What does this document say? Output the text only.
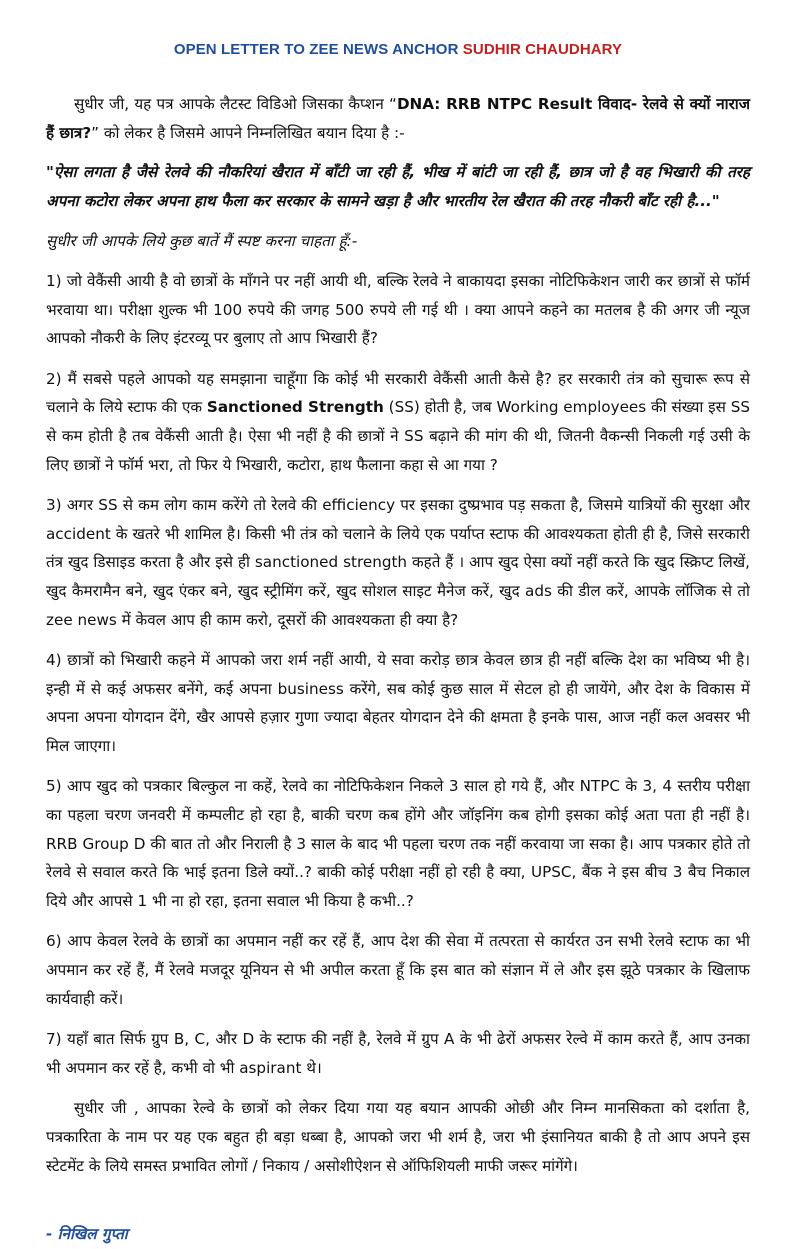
OPEN LETTER TO ZEE NEWS ANCHOR SUDHIR CHAUDHARY

सुधीर जी, यह पत्र आपके लैटस्ट विडिओ जिसका कैप्शन “DNA: RRB NTPC Result विवाद- रेलवे से क्यों नाराज हैं छात्र?” को लेकर है जिसमे आपने निम्नलिखित बयान दिया है :-

"ऐसा लगता है जैसे रेलवे की नौकरियां खैरात में बाँटी जा रही हैं, भीख में बांटी जा रही हैं, छात्र जो है वह भिखारी की तरह अपना कटोरा लेकर अपना हाथ फैला कर सरकार के सामने खड़ा है और भारतीय रेल खैरात की तरह नौकरी बाँट रही है..."

सुधीर जी आपके लिये कुछ बातें मैं स्पष्ट करना चाहता हूँ:-

1) जो वेकैंसी आयी है वो छात्रों के माँगने पर नहीं आयी थी, बल्कि रेलवे ने बाकायदा इसका नोटिफिकेशन जारी कर छात्रों से फॉर्म भरवाया था। परीक्षा शुल्क भी 100 रुपये की जगह 500 रुपये ली गई थी । क्या आपने कहने का मतलब है की अगर जी न्यूज आपको नौकरी के लिए इंटरव्यू पर बुलाए तो आप भिखारी हैं?

2) मैं सबसे पहले आपको यह समझाना चाहूँगा कि कोई भी सरकारी वेकैंसी आती कैसे है? हर सरकारी तंत्र को सुचारू रूप से चलाने के लिये स्टाफ की एक Sanctioned Strength (SS) होती है, जब Working employees की संख्या इस SS से कम होती है तब वेकैंसी आती है। ऐसा भी नहीं है की छात्रों ने SS बढ़ाने की मांग की थी, जितनी वैकन्सी निकली गई उसी के लिए छात्रों ने फॉर्म भरा, तो फिर ये भिखारी, कटोरा, हाथ फैलाना कहा से आ गया ?

3) अगर SS से कम लोग काम करेंगे तो रेलवे की efficiency पर इसका दुष्प्रभाव पड़ सकता है, जिसमे यात्रियों की सुरक्षा और accident के खतरे भी शामिल है। किसी भी तंत्र को चलाने के लिये एक पर्याप्त स्टाफ की आवश्यकता होती ही है, जिसे सरकारी तंत्र खुद डिसाइड करता है और इसे ही sanctioned strength कहते हैं । आप खुद ऐसा क्यों नहीं करते कि खुद स्क्रिप्ट लिखें, खुद कैमरामैन बने, खुद एंकर बने, खुद स्ट्रीमिंग करें, खुद सोशल साइट मैनेज करें, खुद ads की डील करें, आपके लॉजिक से तो zee news में केवल आप ही काम करो, दूसरों की आवश्यकता ही क्या है?

4) छात्रों को भिखारी कहने में आपको जरा शर्म नहीं आयी, ये सवा करोड़ छात्र केवल छात्र ही नहीं बल्कि देश का भविष्य भी है। इन्ही में से कई अफसर बनेंगे, कई अपना business करेंगे, सब कोई कुछ साल में सेटल हो ही जायेंगे, और देश के विकास में अपना अपना योगदान देंगे, खैर आपसे हज़ार गुणा ज्यादा बेहतर योगदान देने की क्षमता है इनके पास, आज नहीं कल अवसर भी मिल जाएगा।

5) आप खुद को पत्रकार बिल्कुल ना कहें, रेलवे का नोटिफिकेशन निकले 3 साल हो गये हैं, और NTPC के 3, 4 स्तरीय परीक्षा का पहला चरण जनवरी में कम्पलीट हो रहा है, बाकी चरण कब होंगे और जॉइनिंग कब होगी इसका कोई अता पता ही नहीं है। RRB Group D की बात तो और निराली है 3 साल के बाद भी पहला चरण तक नहीं करवाया जा सका है। आप पत्रकार होते तो रेलवे से सवाल करते कि भाई इतना डिले क्यों..? बाकी कोई परीक्षा नहीं हो रही है क्या, UPSC, बैंक ने इस बीच 3 बैच निकाल दिये और आपसे 1 भी ना हो रहा, इतना सवाल भी किया है कभी..?

6) आप केवल रेलवे के छात्रों का अपमान नहीं कर रहें हैं, आप देश की सेवा में तत्परता से कार्यरत उन सभी रेलवे स्टाफ का भी अपमान कर रहें हैं, मैं रेलवे मजदूर यूनियन से भी अपील करता हूँ कि इस बात को संज्ञान में ले और इस झूठे पत्रकार के खिलाफ कार्यवाही करें।

7) यहाँ बात सिर्फ ग्रुप B, C, और D के स्टाफ की नहीं है, रेलवे में ग्रुप A के भी ढेरों अफसर रेल्वे में काम करते हैं, आप उनका भी अपमान कर रहें है, कभी वो भी aspirant थे।

सुधीर जी , आपका रेल्वे के छात्रों को लेकर दिया गया यह बयान आपकी ओछी और निम्न मानसिकता को दर्शाता है, पत्रकारिता के नाम पर यह एक बहुत ही बड़ा धब्बा है, आपको जरा भी शर्म है, जरा भी इंसानियत बाकी है तो आप अपने इस स्टेटमेंट के लिये समस्त प्रभावित लोगों / निकाय / असोशीऐशन से ऑफिशियली माफी जरूर मांगेंगे।

- निखिल गुप्ता
